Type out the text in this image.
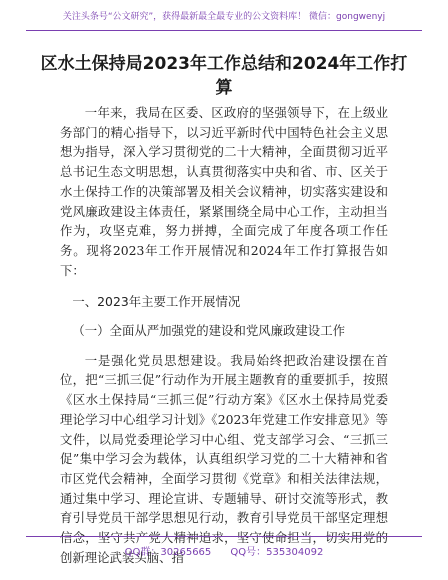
关注头条号“公文研究”，获得最新最全最专业的公文资料库！ 微信：gongwenyj
区水土保持局2023年工作总结和2024年工作打算

一年来，我局在区委、区政府的坚强领导下，在上级业务部门的精心指导下，以习近平新时代中国特色社会主义思想为指导，深入学习贯彻党的二十大精神，全面贯彻习近平总书记生态文明思想，认真贯彻落实中央和省、市、区关于水土保持工作的决策部署及相关会议精神，切实落实建设和党风廉政建设主体责任，紧紧围绕全局中心工作，主动担当作为，攻坚克难，努力拼搏，全面完成了年度各项工作任务。现将2023年工作开展情况和2024年工作打算报告如下：

一、2023年主要工作开展情况

（一）全面从严加强党的建设和党风廉政建设工作

一是强化党员思想建设。我局始终把政治建设摆在首位，把“三抓三促”行动作为开展主题教育的重要抓手，按照《区水土保持局“三抓三促”行动方案》《区水土保持局党委理论学习中心组学习计划》《2023年党建工作安排意见》等文件，以局党委理论学习中心组、党支部学习会、“三抓三促”集中学习会为载体，认真组织学习党的二十大精神和省市区党代会精神，全面学习贯彻《党章》和相关法律法规，通过集中学习、理论宣讲、专题辅导、研讨交流等形式，教育引导党员干部学思想见行动，教育引导党员干部坚定理想信念，坚守共产党人精神追求，坚守使命担当，切实用党的创新理论武装头脑、指

QQ群：30265665      QQ号：535304092
